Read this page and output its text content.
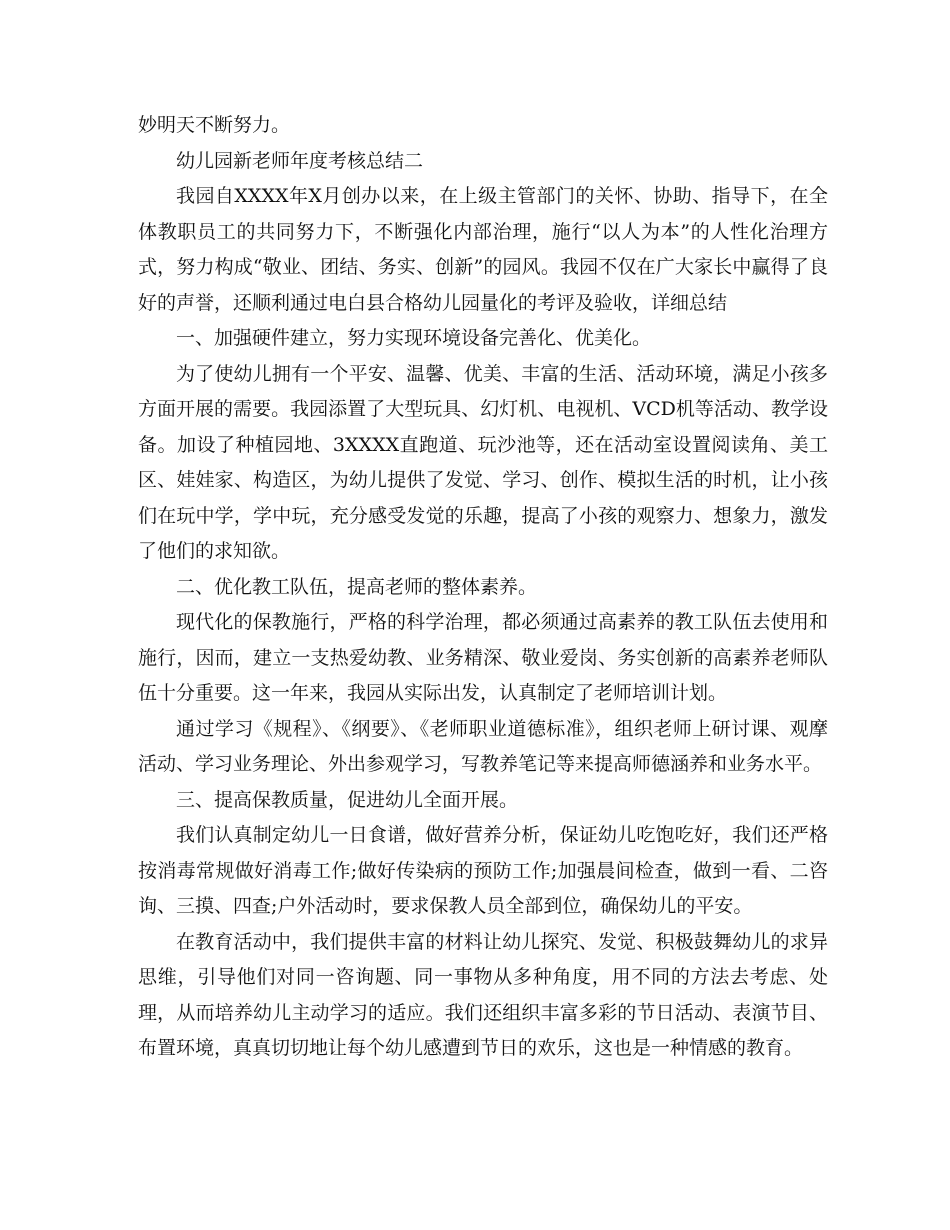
妙明天不断努力。

幼儿园新老师年度考核总结二

我园自XXXX年X月创办以来，在上级主管部门的关怀、协助、指导下，在全体教职员工的共同努力下，不断强化内部治理，施行“以人为本”的人性化治理方式，努力构成“敬业、团结、务实、创新”的园风。我园不仅在广大家长中赢得了良好的声誉，还顺利通过电白县合格幼儿园量化的考评及验收，详细总结

一、加强硬件建立，努力实现环境设备完善化、优美化。

为了使幼儿拥有一个平安、温馨、优美、丰富的生活、活动环境，满足小孩多方面开展的需要。我园添置了大型玩具、幻灯机、电视机、VCD机等活动、教学设备。加设了种植园地、3XXXX直跑道、玩沙池等，还在活动室设置阅读角、美工区、娃娃家、构造区，为幼儿提供了发觉、学习、创作、模拟生活的时机，让小孩们在玩中学，学中玩，充分感受发觉的乐趣，提高了小孩的观察力、想象力，激发了他们的求知欲。

二、优化教工队伍，提高老师的整体素养。

现代化的保教施行，严格的科学治理，都必须通过高素养的教工队伍去使用和施行，因而，建立一支热爱幼教、业务精深、敬业爱岗、务实创新的高素养老师队伍十分重要。这一年来，我园从实际出发，认真制定了老师培训计划。

通过学习《规程》、《纲要》、《老师职业道德标准》，组织老师上研讨课、观摩活动、学习业务理论、外出参观学习，写教养笔记等来提高师德涵养和业务水平。

三、提高保教质量，促进幼儿全面开展。

我们认真制定幼儿一日食谱，做好营养分析，保证幼儿吃饱吃好，我们还严格按消毒常规做好消毒工作;做好传染病的预防工作;加强晨间检查，做到一看、二咨询、三摸、四查;户外活动时，要求保教人员全部到位，确保幼儿的平安。

在教育活动中，我们提供丰富的材料让幼儿探究、发觉、积极鼓舞幼儿的求异思维，引导他们对同一咨询题、同一事物从多种角度，用不同的方法去考虑、处理，从而培养幼儿主动学习的适应。我们还组织丰富多彩的节日活动、表演节目、布置环境，真真切切地让每个幼儿感遭到节日的欢乐，这也是一种情感的教育。
